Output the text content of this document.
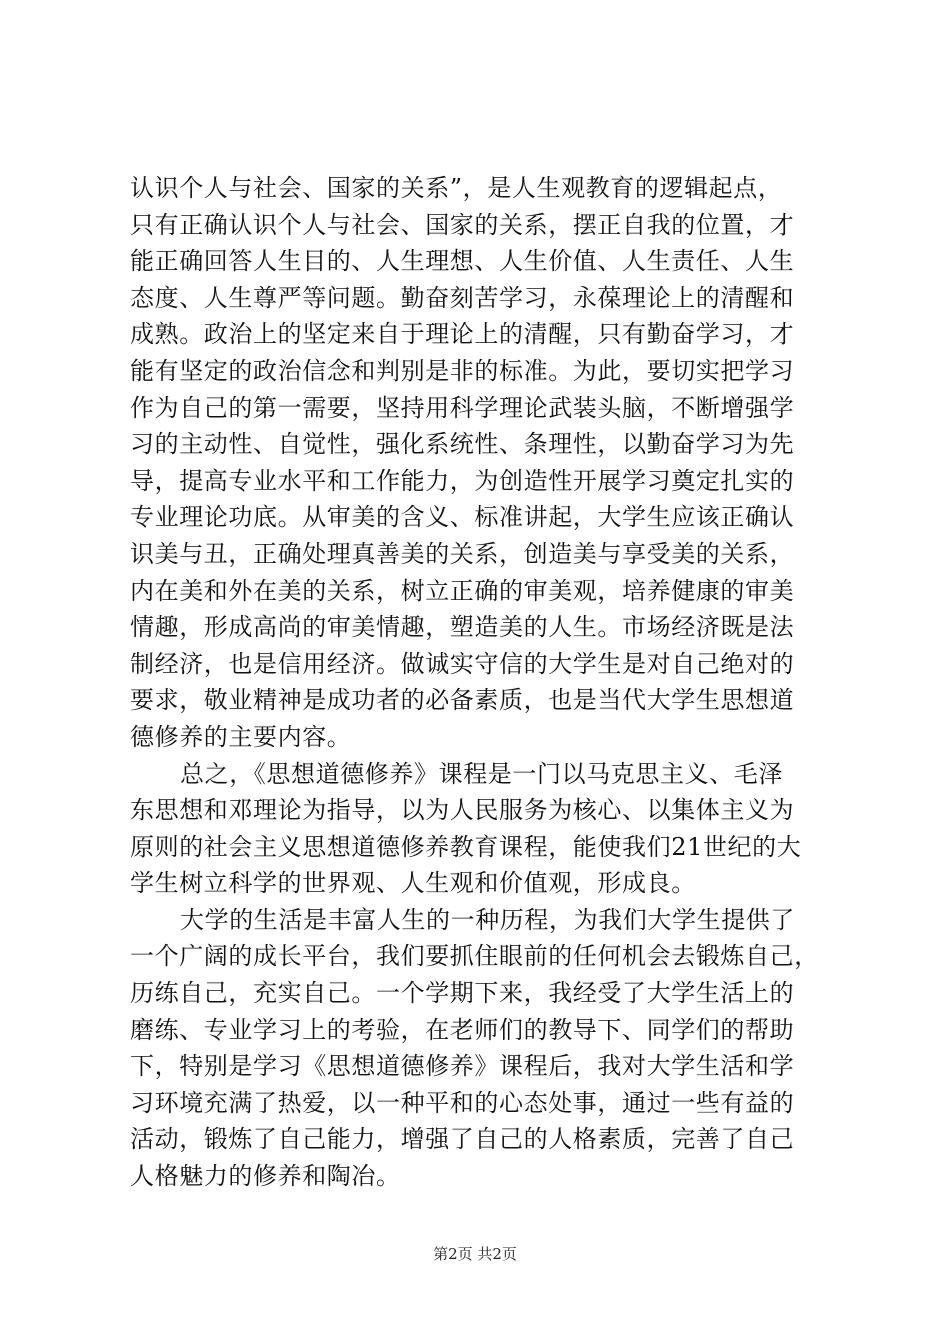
认识个人与社会、国家的关系”，是人生观教育的逻辑起点，
只有正确认识个人与社会、国家的关系，摆正自我的位置，才
能正确回答人生目的、人生理想、人生价值、人生责任、人生
态度、人生尊严等问题。勤奋刻苦学习，永葆理论上的清醒和
成熟。政治上的坚定来自于理论上的清醒，只有勤奋学习，才
能有坚定的政治信念和判别是非的标准。为此，要切实把学习
作为自己的第一需要，坚持用科学理论武装头脑，不断增强学
习的主动性、自觉性，强化系统性、条理性，以勤奋学习为先
导，提高专业水平和工作能力，为创造性开展学习奠定扎实的
专业理论功底。从审美的含义、标准讲起，大学生应该正确认
识美与丑，正确处理真善美的关系，创造美与享受美的关系，
内在美和外在美的关系，树立正确的审美观，培养健康的审美
情趣，形成高尚的审美情趣，塑造美的人生。市场经济既是法
制经济，也是信用经济。做诚实守信的大学生是对自己绝对的
要求，敬业精神是成功者的必备素质，也是当代大学生思想道
德修养的主要内容。
总之，《思想道德修养》课程是一门以马克思主义、毛泽
东思想和邓理论为指导，以为人民服务为核心、以集体主义为
原则的社会主义思想道德修养教育课程，能使我们21世纪的大
学生树立科学的世界观、人生观和价值观，形成良。
大学的生活是丰富人生的一种历程，为我们大学生提供了
一个广阔的成长平台，我们要抓住眼前的任何机会去锻炼自己，
历练自己，充实自己。一个学期下来，我经受了大学生活上的
磨练、专业学习上的考验，在老师们的教导下、同学们的帮助
下，特别是学习《思想道德修养》课程后，我对大学生活和学
习环境充满了热爱，以一种平和的心态处事，通过一些有益的
活动，锻炼了自己能力，增强了自己的人格素质，完善了自己
人格魅力的修养和陶冶。
第2页 共2页
